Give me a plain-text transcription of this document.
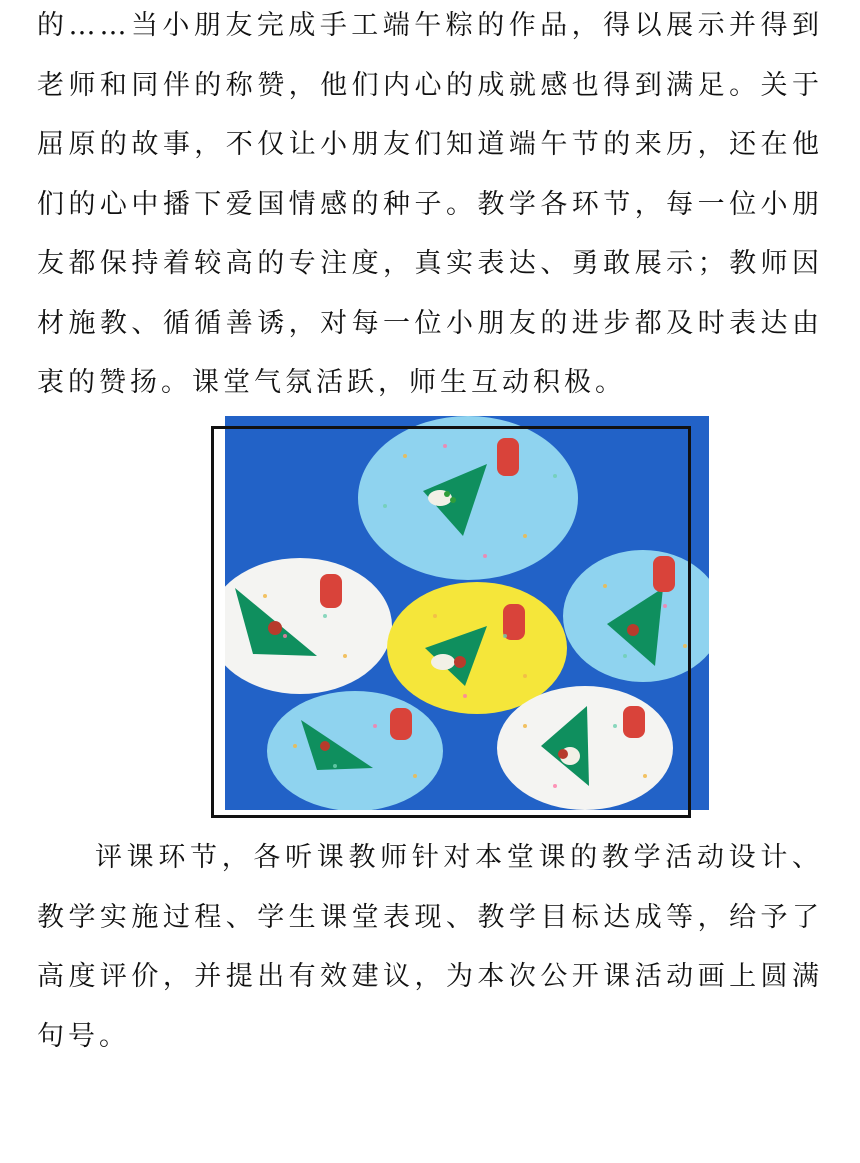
的……当小朋友完成手工端午粽的作品，得以展示并得到老师和同伴的称赞，他们内心的成就感也得到满足。关于屈原的故事，不仅让小朋友们知道端午节的来历，还在他们的心中播下爱国情感的种子。教学各环节，每一位小朋友都保持着较高的专注度，真实表达、勇敢展示；教师因材施教、循循善诱，对每一位小朋友的进步都及时表达由衷的赞扬。课堂气氛活跃，师生互动积极。

评课环节，各听课教师针对本堂课的教学活动设计、教学实施过程、学生课堂表现、教学目标达成等，给予了高度评价，并提出有效建议，为本次公开课活动画上圆满句号。
